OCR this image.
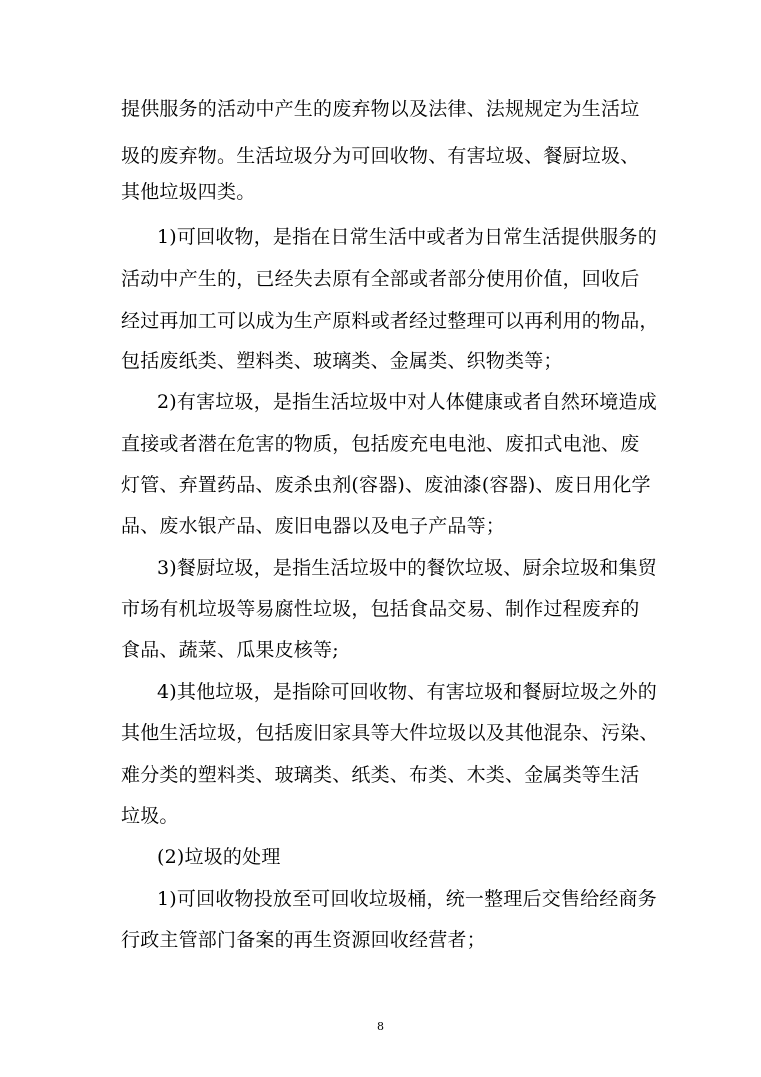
提供服务的活动中产生的废弃物以及法律、法规规定为生活垃
圾的废弃物。生活垃圾分为可回收物、有害垃圾、餐厨垃圾、
其他垃圾四类。
1)可回收物，是指在日常生活中或者为日常生活提供服务的
活动中产生的，已经失去原有全部或者部分使用价值，回收后
经过再加工可以成为生产原料或者经过整理可以再利用的物品，
包括废纸类、塑料类、玻璃类、金属类、织物类等；
2)有害垃圾，是指生活垃圾中对人体健康或者自然环境造成
直接或者潜在危害的物质，包括废充电电池、废扣式电池、废
灯管、弃置药品、废杀虫剂(容器)、废油漆(容器)、废日用化学
品、废水银产品、废旧电器以及电子产品等；
3)餐厨垃圾，是指生活垃圾中的餐饮垃圾、厨余垃圾和集贸
市场有机垃圾等易腐性垃圾，包括食品交易、制作过程废弃的
食品、蔬菜、瓜果皮核等;
4)其他垃圾，是指除可回收物、有害垃圾和餐厨垃圾之外的
其他生活垃圾，包括废旧家具等大件垃圾以及其他混杂、污染、
难分类的塑料类、玻璃类、纸类、布类、木类、金属类等生活
垃圾。
(2)垃圾的处理
1)可回收物投放至可回收垃圾桶，统一整理后交售给经商务
行政主管部门备案的再生资源回收经营者；
8
